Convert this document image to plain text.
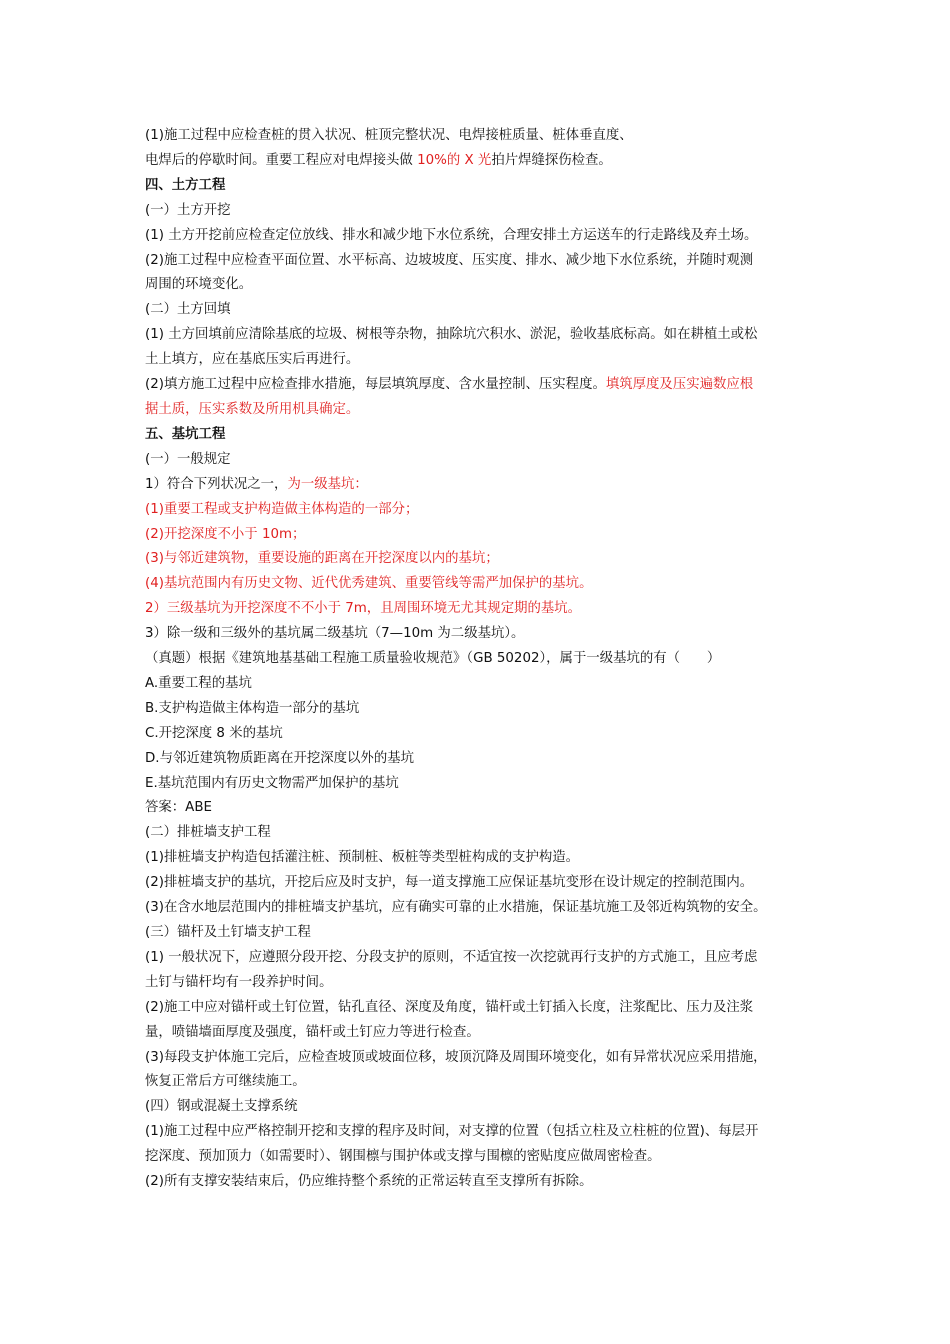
(1)施工过程中应检查桩的贯入状况、桩顶完整状况、电焊接桩质量、桩体垂直度、

电焊后的停歇时间。重要工程应对电焊接头做 10%的 X 光拍片焊缝探伤检查。

四、土方工程

(一）土方开挖

(1) 土方开挖前应检查定位放线、排水和减少地下水位系统，合理安排土方运送车的行走路线及弃土场。

(2)施工过程中应检查平面位置、水平标高、边坡坡度、压实度、排水、减少地下水位系统，并随时观测

周围的环境变化。

(二）土方回填

(1) 土方回填前应清除基底的垃圾、树根等杂物，抽除坑穴积水、淤泥，验收基底标高。如在耕植土或松

土上填方，应在基底压实后再进行。

(2)填方施工过程中应检查排水措施，每层填筑厚度、含水量控制、压实程度。填筑厚度及压实遍数应根

据土质，压实系数及所用机具确定。

五、基坑工程

(一）一般规定

1）符合下列状况之一，为一级基坑：

(1)重要工程或支护构造做主体构造的一部分；

(2)开挖深度不小于 10m；

(3)与邻近建筑物，重要设施的距离在开挖深度以内的基坑；

(4)基坑范围内有历史文物、近代优秀建筑、重要管线等需严加保护的基坑。

2）三级基坑为开挖深度不不小于 7m，且周围环境无尤其规定期的基坑。

3）除一级和三级外的基坑属二级基坑（7—10m 为二级基坑）。

（真题）根据《建筑地基基础工程施工质量验收规范》（GB 50202），属于一级基坑的有（　　）

A.重要工程的基坑

B.支护构造做主体构造一部分的基坑

C.开挖深度 8 米的基坑

D.与邻近建筑物质距离在开挖深度以外的基坑

E.基坑范围内有历史文物需严加保护的基坑

答案：ABE

(二）排桩墙支护工程

(1)排桩墙支护构造包括灌注桩、预制桩、板桩等类型桩构成的支护构造。

(2)排桩墙支护的基坑，开挖后应及时支护，每一道支撑施工应保证基坑变形在设计规定的控制范围内。

(3)在含水地层范围内的排桩墙支护基坑，应有确实可靠的止水措施，保证基坑施工及邻近构筑物的安全。

(三）锚杆及土钉墙支护工程

(1) 一般状况下，应遵照分段开挖、分段支护的原则，不适宜按一次挖就再行支护的方式施工，且应考虑

土钉与锚杆均有一段养护时间。

(2)施工中应对锚杆或土钉位置，钻孔直径、深度及角度，锚杆或土钉插入长度，注浆配比、压力及注浆

量，喷锚墙面厚度及强度，锚杆或土钉应力等进行检查。

(3)每段支护体施工完后，应检查坡顶或坡面位移，坡顶沉降及周围环境变化，如有异常状况应采用措施，

恢复正常后方可继续施工。

(四）钢或混凝土支撑系统

(1)施工过程中应严格控制开挖和支撑的程序及时间，对支撑的位置（包括立柱及立柱桩的位置)、每层开

挖深度、预加顶力（如需要时）、钢围檩与围护体或支撑与围檩的密贴度应做周密检查。

(2)所有支撑安装结束后，仍应维持整个系统的正常运转直至支撑所有拆除。
